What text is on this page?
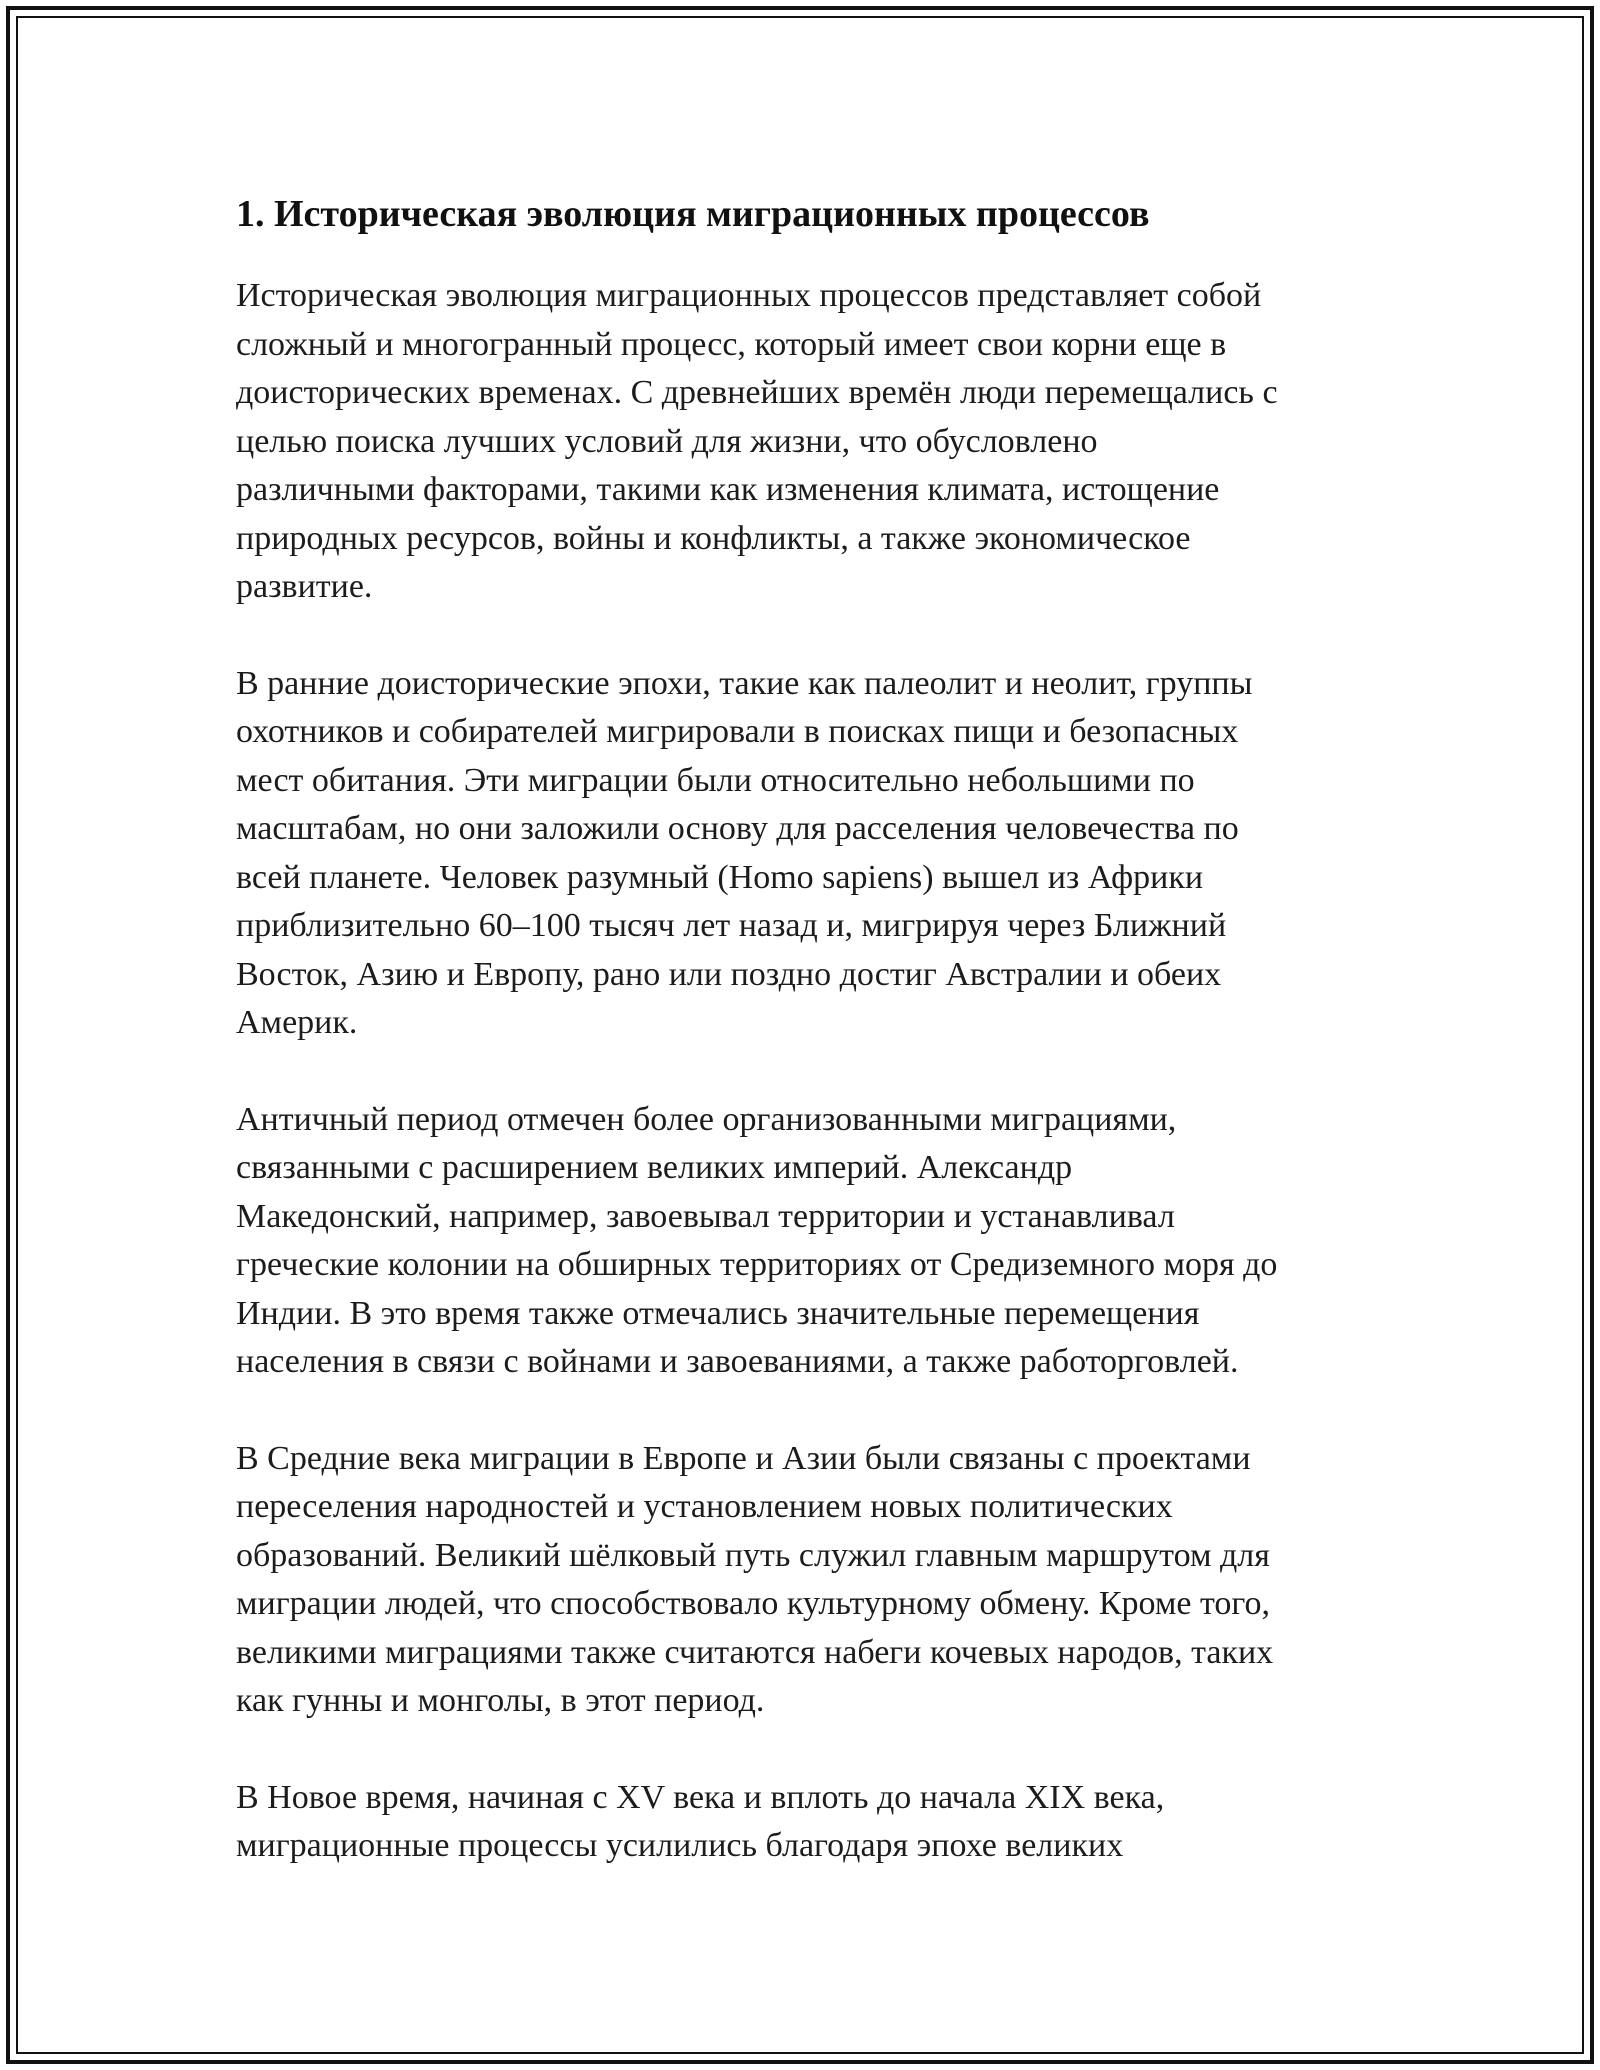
1. Историческая эволюция миграционных процессов

Историческая эволюция миграционных процессов представляет собой
сложный и многогранный процесс, который имеет свои корни еще в
доисторических временах. С древнейших времён люди перемещались с
целью поиска лучших условий для жизни, что обусловлено
различными факторами, такими как изменения климата, истощение
природных ресурсов, войны и конфликты, а также экономическое
развитие.

В ранние доисторические эпохи, такие как палеолит и неолит, группы
охотников и собирателей мигрировали в поисках пищи и безопасных
мест обитания. Эти миграции были относительно небольшими по
масштабам, но они заложили основу для расселения человечества по
всей планете. Человек разумный (Homo sapiens) вышел из Африки
приблизительно 60–100 тысяч лет назад и, мигрируя через Ближний
Восток, Азию и Европу, рано или поздно достиг Австралии и обеих
Америк.

Античный период отмечен более организованными миграциями,
связанными с расширением великих империй. Александр
Македонский, например, завоевывал территории и устанавливал
греческие колонии на обширных территориях от Средиземного моря до
Индии. В это время также отмечались значительные перемещения
населения в связи с войнами и завоеваниями, а также работорговлей.

В Средние века миграции в Европе и Азии были связаны с проектами
переселения народностей и установлением новых политических
образований. Великий шёлковый путь служил главным маршрутом для
миграции людей, что способствовало культурному обмену. Кроме того,
великими миграциями также считаются набеги кочевых народов, таких
как гунны и монголы, в этот период.

В Новое время, начиная с XV века и вплоть до начала XIX века,
миграционные процессы усилились благодаря эпохе великих
